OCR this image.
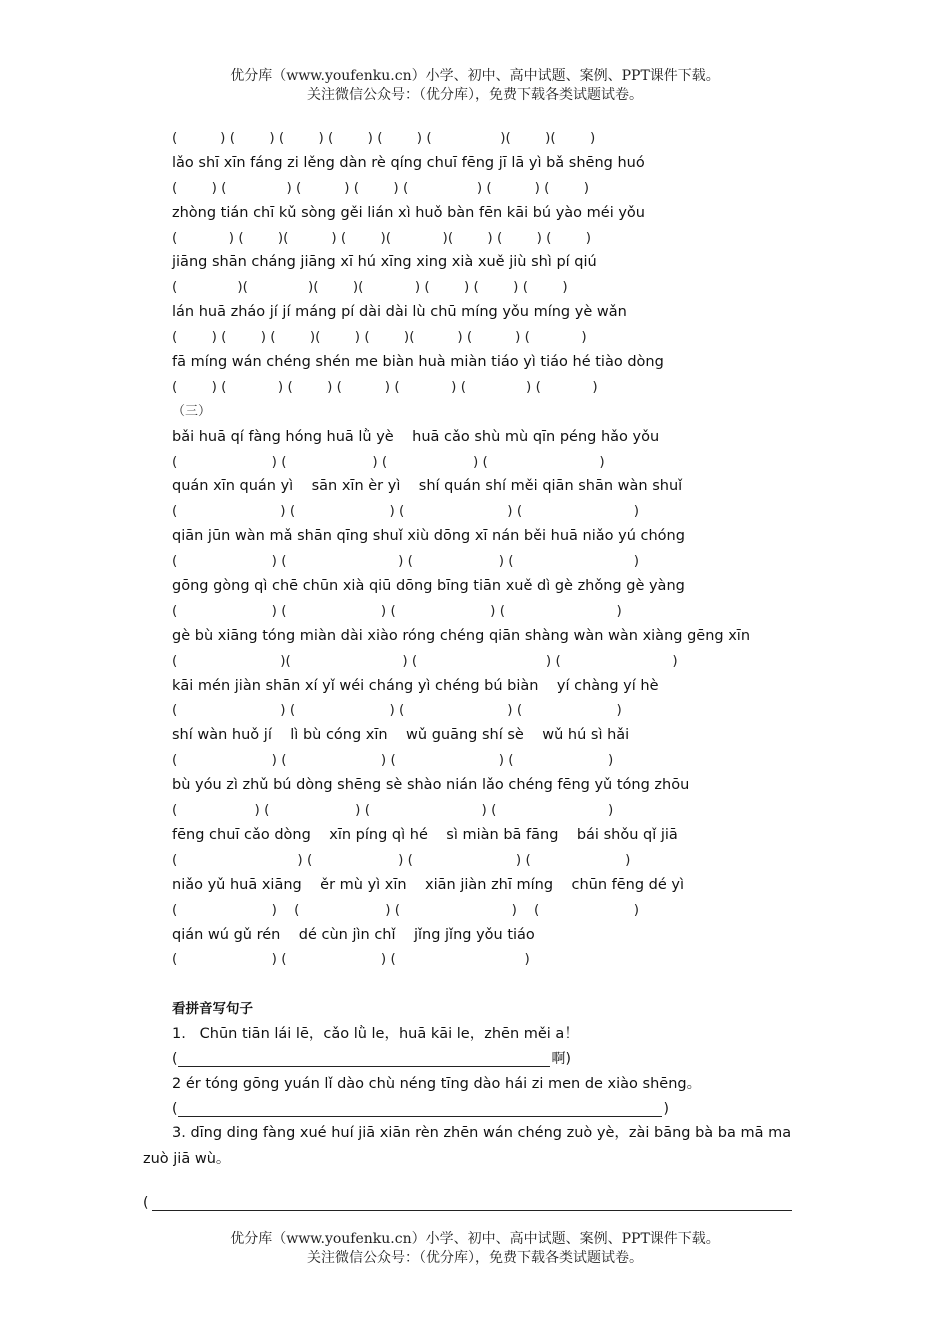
优分库（www.youfenku.cn）小学、初中、高中试题、案例、PPT课件下载。
关注微信公众号：（优分库），免费下载各类试题试卷。
(          ) (        ) (        ) (        ) (        ) (                )(        )(        )
lǎo shī xīn fáng zi lěng dàn rè qíng chuī fēng jī lā yì bǎ shēng huó
(        ) (              ) (          ) (        ) (                ) (          ) (        )
zhòng tián chī kǔ sòng gěi lián xì huǒ bàn fēn kāi bú yào méi yǒu
(            ) (        )(          ) (        )(            )(        ) (        ) (        )
jiāng shān cháng jiāng xī hú xīng xing xià xuě jiù shì pí qiú
(              )(              )(        )(            ) (        ) (        ) (        )
lán huā zháo jí jí máng pí dài dài lù chū míng yǒu míng yè wǎn
(        ) (        ) (        )(        ) (        )(          ) (          ) (            )
fā míng wán chéng shén me biàn huà miàn tiáo yì tiáo hé tiào dòng
(        ) (            ) (        ) (          ) (            ) (              ) (            )
（三）
bǎi huā qí fàng hóng huā lǜ yè    huā cǎo shù mù qīn péng hǎo yǒu
(                      ) (                    ) (                    ) (                          )
quán xīn quán yì    sān xīn èr yì    shí quán shí měi qiān shān wàn shuǐ
(                        ) (                      ) (                        ) (                          )
qiān jūn wàn mǎ shān qīng shuǐ xiù dōng xī nán běi huā niǎo yú chóng
(                      ) (                          ) (                    ) (                            )
gōng gòng qì chē chūn xià qiū dōng bīng tiān xuě dì gè zhǒng gè yàng
(                      ) (                      ) (                      ) (                          )
gè bù xiāng tóng miàn dài xiào róng chéng qiān shàng wàn wàn xiàng gēng xīn
(                        )(                          ) (                              ) (                          )
kāi mén jiàn shān xí yǐ wéi cháng yì chéng bú biàn    yí chàng yí hè
(                        ) (                      ) (                        ) (                      )
shí wàn huǒ jí    lì bù cóng xīn    wǔ guāng shí sè    wǔ hú sì hǎi
(                      ) (                      ) (                        ) (                      )
bù yóu zì zhǔ bú dòng shēng sè shào nián lǎo chéng fēng yǔ tóng zhōu
(                  ) (                    ) (                          ) (                          )
fēng chuī cǎo dòng    xīn píng qì hé    sì miàn bā fāng    bái shǒu qǐ jiā
(                            ) (                    ) (                        ) (                      )
niǎo yǔ huā xiāng    ěr mù yì xīn    xiān jiàn zhī míng    chūn fēng dé yì
(                      )    (                    ) (                          )    (                      )
qián wú gǔ rén    dé cùn jìn chǐ    jǐng jǐng yǒu tiáo
(                      ) (                      ) (                              )
看拼音写句子
1.   Chūn tiān lái lē，cǎo lǜ le，huā kāi le，zhēn měi a！
(	啊)
2 ér tóng gōng yuán lǐ dào chù néng tīng dào hái zi men de xiào shēng。
(	)
3. dīng ding fàng xué huí jiā xiān rèn zhēn wán chéng zuò yè，zài bāng bà ba mā ma
zuò jiā wù。
(
优分库（www.youfenku.cn）小学、初中、高中试题、案例、PPT课件下载。
关注微信公众号：（优分库），免费下载各类试题试卷。
